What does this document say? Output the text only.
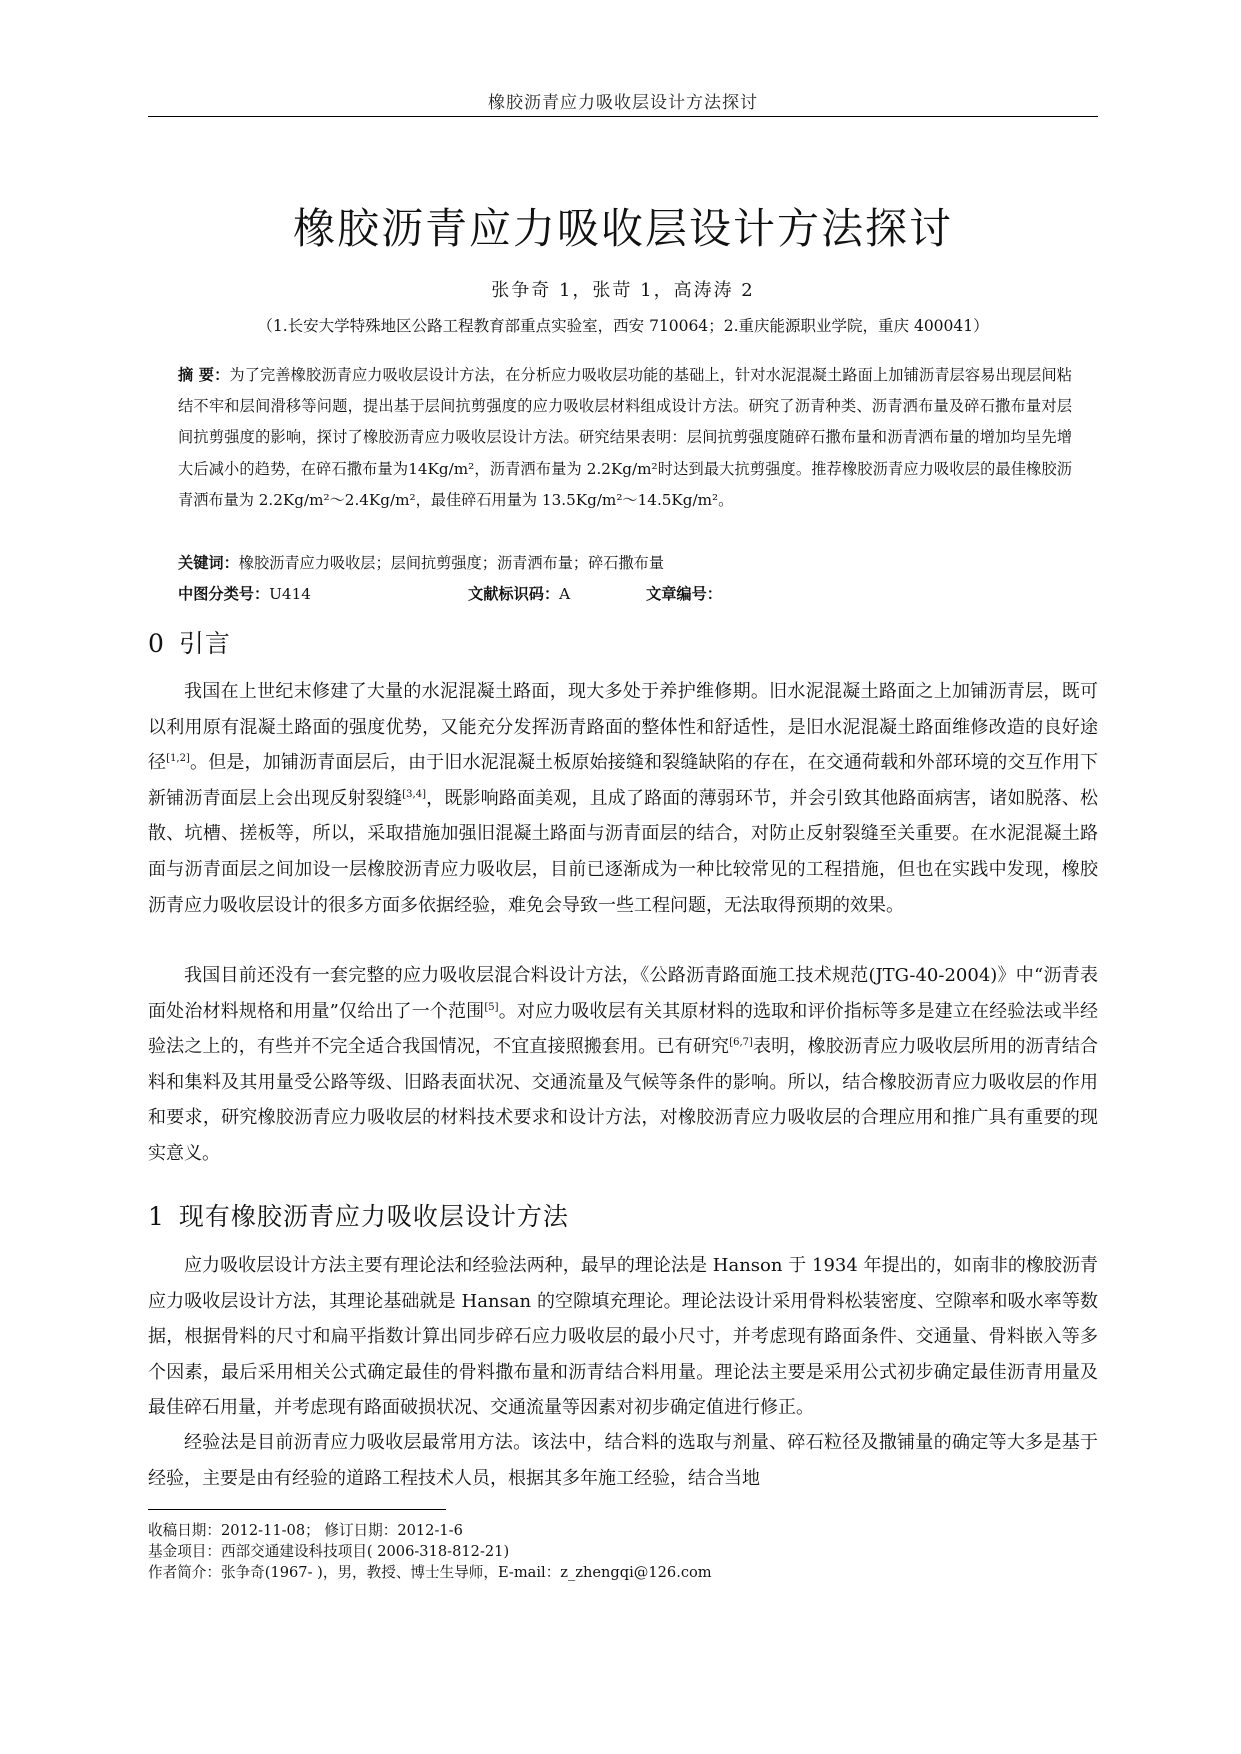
橡胶沥青应力吸收层设计方法探讨
橡胶沥青应力吸收层设计方法探讨
张争奇 1，张苛 1，高涛涛 2
（1.长安大学特殊地区公路工程教育部重点实验室，西安 710064；2.重庆能源职业学院，重庆 400041）
摘 要：为了完善橡胶沥青应力吸收层设计方法，在分析应力吸收层功能的基础上，针对水泥混凝土路面上加铺沥青层容易出现层间粘结不牢和层间滑移等问题，提出基于层间抗剪强度的应力吸收层材料组成设计方法。研究了沥青种类、沥青洒布量及碎石撒布量对层间抗剪强度的影响，探讨了橡胶沥青应力吸收层设计方法。研究结果表明：层间抗剪强度随碎石撒布量和沥青洒布量的增加均呈先增大后减小的趋势，在碎石撒布量为14Kg/m²，沥青洒布量为 2.2Kg/m²时达到最大抗剪强度。推荐橡胶沥青应力吸收层的最佳橡胶沥青洒布量为 2.2Kg/m²～2.4Kg/m²，最佳碎石用量为 13.5Kg/m²～14.5Kg/m²。
关键词：橡胶沥青应力吸收层；层间抗剪强度；沥青洒布量；碎石撒布量
中图分类号：U414	文献标识码：A	文章编号：
0 引言
我国在上世纪末修建了大量的水泥混凝土路面，现大多处于养护维修期。旧水泥混凝土路面之上加铺沥青层，既可以利用原有混凝土路面的强度优势，又能充分发挥沥青路面的整体性和舒适性，是旧水泥混凝土路面维修改造的良好途径[1,2]。但是，加铺沥青面层后，由于旧水泥混凝土板原始接缝和裂缝缺陷的存在，在交通荷载和外部环境的交互作用下新铺沥青面层上会出现反射裂缝[3,4]，既影响路面美观，且成了路面的薄弱环节，并会引致其他路面病害，诸如脱落、松散、坑槽、搓板等，所以，采取措施加强旧混凝土路面与沥青面层的结合，对防止反射裂缝至关重要。在水泥混凝土路面与沥青面层之间加设一层橡胶沥青应力吸收层，目前已逐渐成为一种比较常见的工程措施，但也在实践中发现，橡胶沥青应力吸收层设计的很多方面多依据经验，难免会导致一些工程问题，无法取得预期的效果。
我国目前还没有一套完整的应力吸收层混合料设计方法，《公路沥青路面施工技术规范(JTG-40-2004)》中“沥青表面处治材料规格和用量”仅给出了一个范围[5]。对应力吸收层有关其原材料的选取和评价指标等多是建立在经验法或半经验法之上的，有些并不完全适合我国情况，不宜直接照搬套用。已有研究[6,7]表明，橡胶沥青应力吸收层所用的沥青结合料和集料及其用量受公路等级、旧路表面状况、交通流量及气候等条件的影响。所以，结合橡胶沥青应力吸收层的作用和要求，研究橡胶沥青应力吸收层的材料技术要求和设计方法，对橡胶沥青应力吸收层的合理应用和推广具有重要的现实意义。
1 现有橡胶沥青应力吸收层设计方法
应力吸收层设计方法主要有理论法和经验法两种，最早的理论法是 Hanson 于 1934 年提出的，如南非的橡胶沥青应力吸收层设计方法，其理论基础就是 Hansan 的空隙填充理论。理论法设计采用骨料松装密度、空隙率和吸水率等数据，根据骨料的尺寸和扁平指数计算出同步碎石应力吸收层的最小尺寸，并考虑现有路面条件、交通量、骨料嵌入等多个因素，最后采用相关公式确定最佳的骨料撒布量和沥青结合料用量。理论法主要是采用公式初步确定最佳沥青用量及最佳碎石用量，并考虑现有路面破损状况、交通流量等因素对初步确定值进行修正。
经验法是目前沥青应力吸收层最常用方法。该法中，结合料的选取与剂量、碎石粒径及撒铺量的确定等大多是基于经验，主要是由有经验的道路工程技术人员，根据其多年施工经验，结合当地
收稿日期：2012-11-08； 修订日期：2012-1-6
基金项目：西部交通建设科技项目( 2006-318-812-21)
作者简介：张争奇(1967- )，男，教授、博士生导师，E-mail：z_zhengqi@126.com
